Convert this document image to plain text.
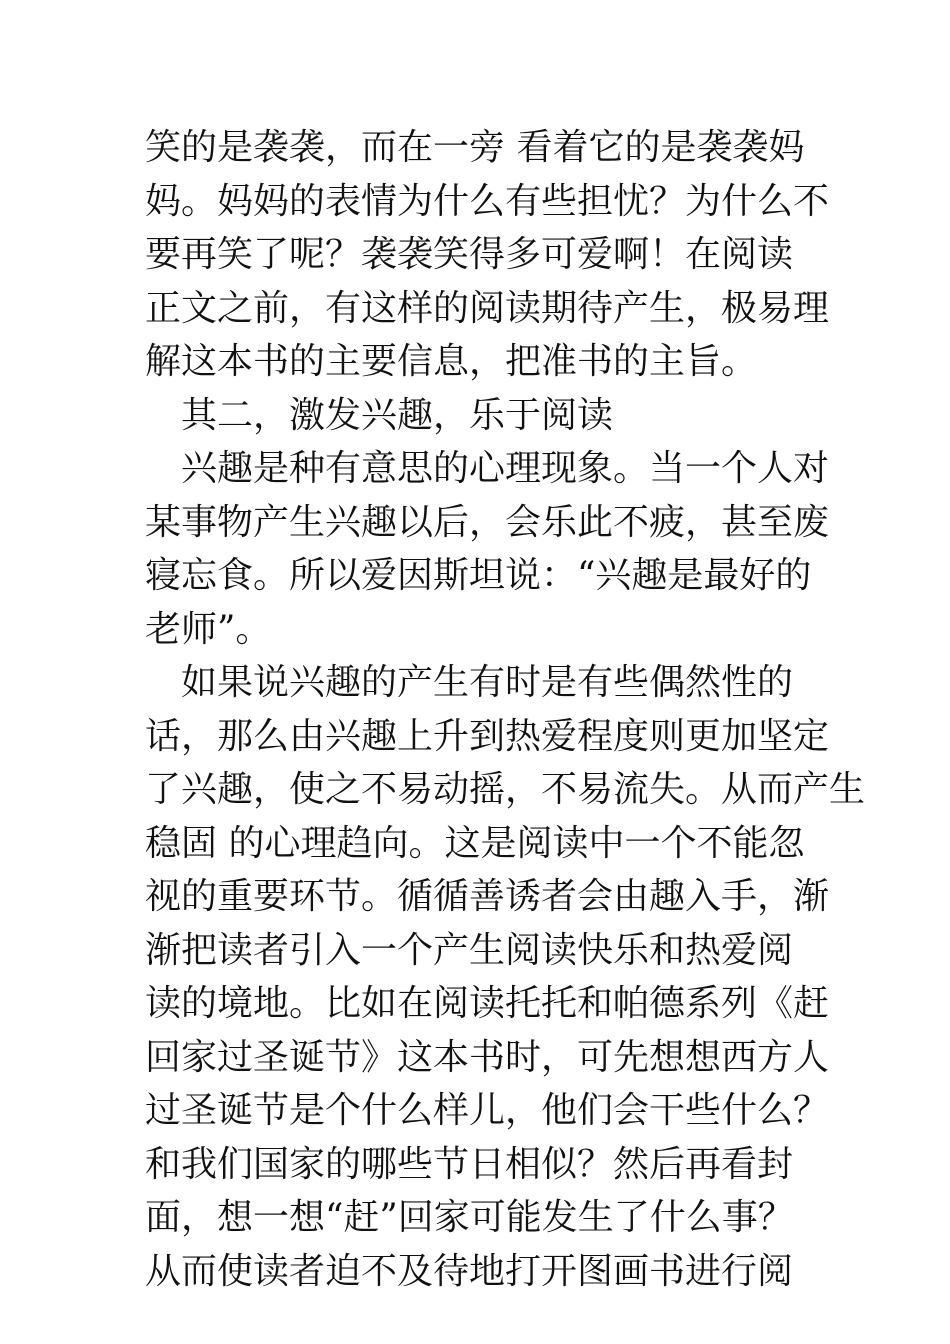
笑的是袭袭，而在一旁 看着它的是袭袭妈
妈。妈妈的表情为什么有些担忧？为什么不
要再笑了呢？袭袭笑得多可爱啊！在阅读
正文之前，有这样的阅读期待产生，极易理
解这本书的主要信息，把准书的主旨。
其二，激发兴趣，乐于阅读
兴趣是种有意思的心理现象。当一个人对
某事物产生兴趣以后，会乐此不疲，甚至废
寝忘食。所以爱因斯坦说：“兴趣是最好的
老师”。
如果说兴趣的产生有时是有些偶然性的
话，那么由兴趣上升到热爱程度则更加坚定
了兴趣，使之不易动摇，不易流失。从而产生
稳固 的心理趋向。这是阅读中一个不能忽
视的重要环节。循循善诱者会由趣入手，渐
渐把读者引入一个产生阅读快乐和热爱阅
读的境地。比如在阅读托托和帕德系列《赶
回家过圣诞节》这本书时，可先想想西方人
过圣诞节是个什么样儿，他们会干些什么？
和我们国家的哪些节日相似？然后再看封
面，想一想“赶”回家可能发生了什么事？
从而使读者迫不及待地打开图画书进行阅
